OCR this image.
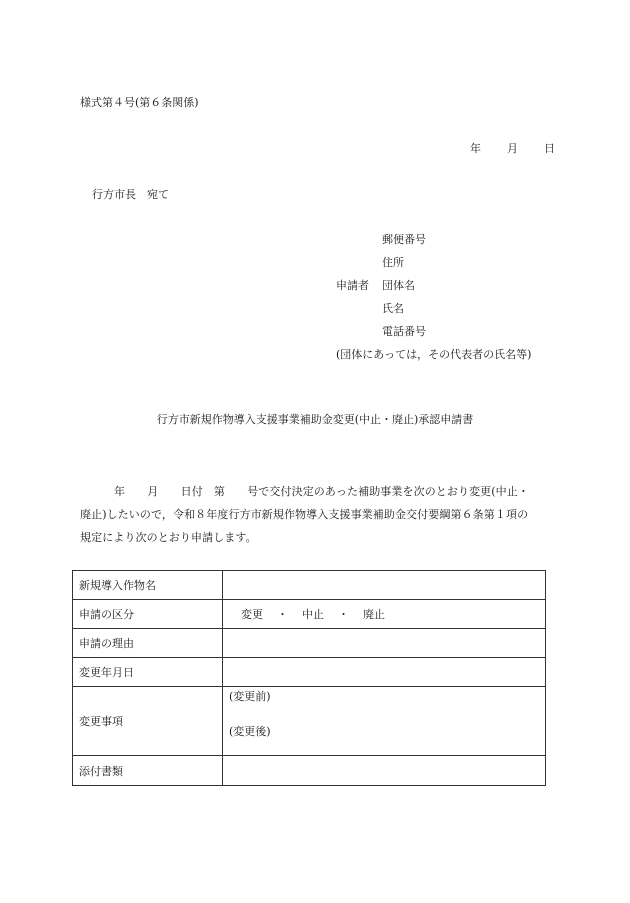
様式第４号(第６条関係)
年 月 日
行方市長　宛て
郵便番号
住所
申請者 団体名
氏名
電話番号
(団体にあっては，その代表者の氏名等)
行方市新規作物導入支援事業補助金変更(中止・廃止)承認申請書
年　　月　　日付　第　　号で交付決定のあった補助事業を次のとおり変更(中止・
廃止)したいので，令和８年度行方市新規作物導入支援事業補助金交付要綱第６条第１項の
規定により次のとおり申請します。
新規導入作物名	
申請の区分	変更 ・ 中止 ・ 廃止

申請の理由	
変更年月日	
変更事項	(変更前)
(変更後)

添付書類	
